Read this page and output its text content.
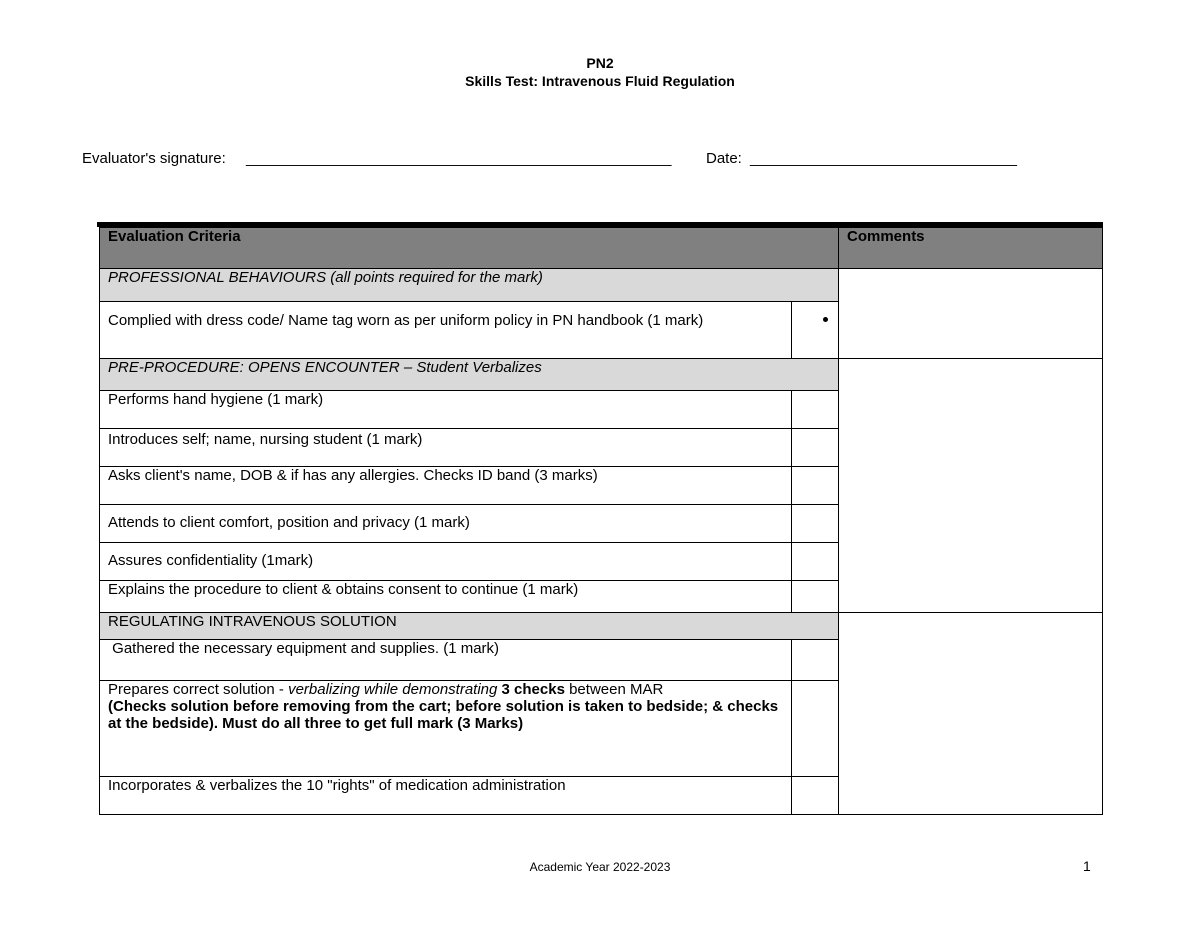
PN2
Skills Test: Intravenous Fluid Regulation
Evaluator's signature: ___________________________________________________ Date: ________________________________
Evaluation Criteria		Comments
PROFESSIONAL BEHAVIOURS (all points required for the mark)		
Complied with dress code/ Name tag worn as per uniform policy in PN handbook (1 mark)		

PRE-PROCEDURE: OPENS ENCOUNTER – Student Verbalizes		
Performs hand hygiene (1 mark)		
Introduces self; name, nursing student (1 mark)		
Asks client's name, DOB & if has any allergies. Checks ID band (3 marks)		
Attends to client comfort, position and privacy (1 mark)		
Assures confidentiality (1mark)		
Explains the procedure to client & obtains consent to continue (1 mark)		
REGULATING INTRAVENOUS SOLUTION		
Gathered the necessary equipment and supplies. (1 mark)		
Prepares correct solution - verbalizing while demonstrating 3 checks between MAR
(Checks solution before removing from the cart; before solution is taken to bedside; & checks at the bedside). Must do all three to get full mark (3 Marks)		
Incorporates & verbalizes the 10 "rights" of medication administration		
Academic Year 2022-2023	1
